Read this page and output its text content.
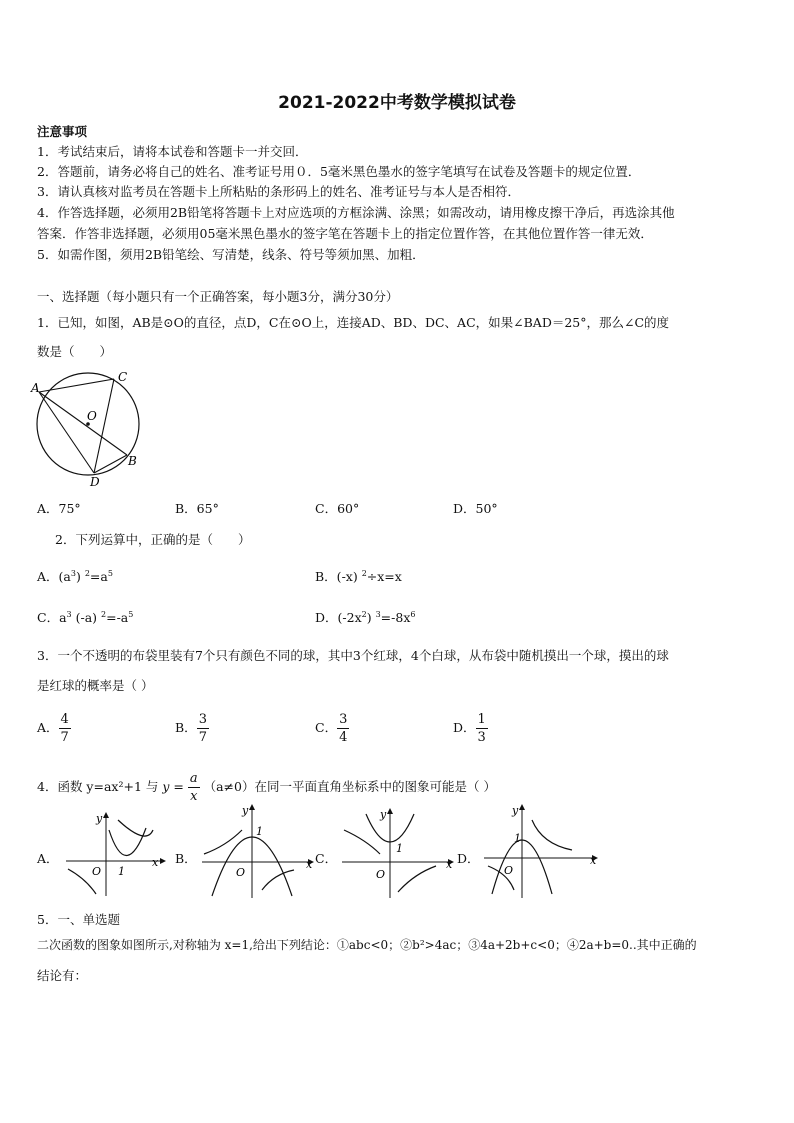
2021-2022中考数学模拟试卷
注意事项
1．考试结束后，请将本试卷和答题卡一并交回．
2．答题前，请务必将自己的姓名、准考证号用０．5毫米黑色墨水的签字笔填写在试卷及答题卡的规定位置．
3．请认真核对监考员在答题卡上所粘贴的条形码上的姓名、准考证号与本人是否相符．
4．作答选择题，必须用2B铅笔将答题卡上对应选项的方框涂满、涂黑；如需改动，请用橡皮擦干净后，再选涂其他
答案．作答非选择题，必须用05毫米黑色墨水的签字笔在答题卡上的指定位置作答，在其他位置作答一律无效．
5．如需作图，须用2B铅笔绘、写清楚，线条、符号等须加黑、加粗．
一、选择题（每小题只有一个正确答案，每小题3分，满分30分）
1．已知，如图，AB是⊙O的直径，点D，C在⊙O上，连接AD、BD、DC、AC，如果∠BAD＝25°，那么∠C的度
数是（　　）
A
C
O
B
D
A．75°	B．65°	C．60°	D．50°
2．下列运算中，正确的是（　　）
A．$(a^3)$ $^2=a^5$	B．(-x) $^2$÷x=x
C．$a^3$ (-a) $^2=-a^5$	D．$(-2x^2)$ $^3=-8x^6$
3．一个不透明的布袋里装有7个只有颜色不同的球，其中3个红球，4个白球，从布袋中随机摸出一个球，摸出的球
是红球的概率是（ ）
A． $\frac{4}{7}$	B． $\frac{3}{7}$	C． $\frac{3}{4}$	D． $\frac{1}{3}$
4．函数 y=ax²+1 与 $y = \frac{a}{x} (a\ne 0)$在同一平面直角坐标系中的图象可能是（ ）
A．	x
y
O 1
B．	x
y
O
1
C．	x
y
O
1
D．	x
y
O
1
5．一、单选题
二次函数的图象如图所示,对称轴为 x=1,给出下列结论：①abc<0；②b²>4ac；③4a+2b+c<0；④2a+b=0..其中正确的
结论有：
